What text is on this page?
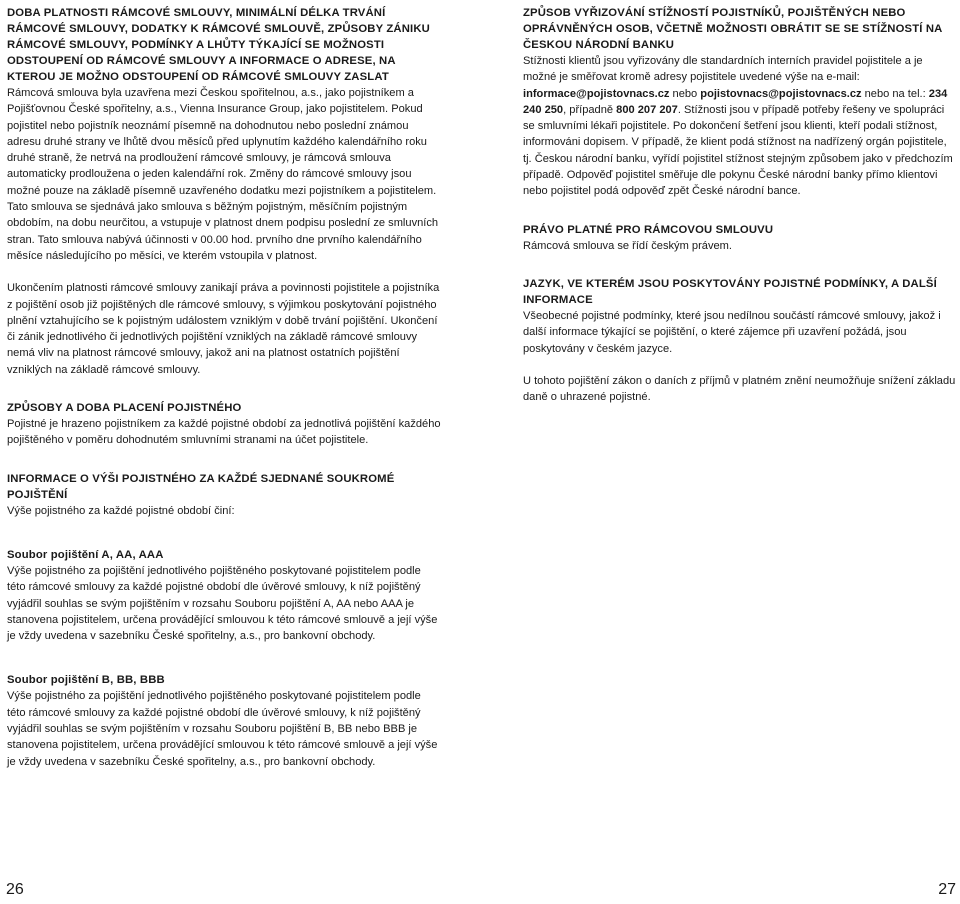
DOBA PLATNOSTI RÁMCOVÉ SMLOUVY, MINIMÁLNÍ DÉLKA TRVÁNÍ RÁMCOVÉ SMLOUVY, DODATKY K RÁMCOVÉ SMLOUVĚ, ZPŮSOBY ZÁNIKU RÁMCOVÉ SMLOUVY, PODMÍNKY A LHŮTY TÝKAJÍCÍ SE MOŽNOSTI ODSTOUPENÍ OD RÁMCOVÉ SMLOUVY A INFORMACE O ADRESE, NA KTEROU JE MOŽNO ODSTOUPENÍ OD RÁMCOVÉ SMLOUVY ZASLAT

Rámcová smlouva byla uzavřena mezi Českou spořitelnou, a.s., jako pojistníkem a Pojišťovnou České spořitelny, a.s., Vienna Insurance Group, jako pojistitelem. Pokud pojistitel nebo pojistník neoznámí písemně na dohodnutou nebo poslední známou adresu druhé strany ve lhůtě dvou měsíců před uplynutím každého kalendářního roku druhé straně, že netrvá na prodloužení rámcové smlouvy, je rámcová smlouva automaticky prodloužena o jeden kalendářní rok. Změny do rámcové smlouvy jsou možné pouze na základě písemně uzavřeného dodatku mezi pojistníkem a pojistitelem. Tato smlouva se sjednává jako smlouva s běžným pojistným, měsíčním pojistným obdobím, na dobu neurčitou, a vstupuje v platnost dnem podpisu poslední ze smluvních stran. Tato smlouva nabývá účinnosti v 00.00 hod. prvního dne prvního kalendářního měsíce následujícího po měsíci, ve kterém vstoupila v platnost.

Ukončením platnosti rámcové smlouvy zanikají práva a povinnosti pojistitele a pojistníka z pojištění osob již pojištěných dle rámcové smlouvy, s výjimkou poskytování pojistného plnění vztahujícího se k pojistným událostem vzniklým v době trvání pojištění. Ukončení či zánik jednotlivého či jednotlivých pojištění vzniklých na základě rámcové smlouvy nemá vliv na platnost rámcové smlouvy, jakož ani na platnost ostatních pojištění vzniklých na základě rámcové smlouvy.

ZPŮSOBY A DOBA PLACENÍ POJISTNÉHO

Pojistné je hrazeno pojistníkem za každé pojistné období za jednotlivá pojištění každého pojištěného v poměru dohodnutém smluvními stranami na účet pojistitele.

INFORMACE O VÝŠI POJISTNÉHO ZA KAŽDÉ SJEDNANÉ SOUKROMÉ POJIŠTĚNÍ

Výše pojistného za každé pojistné období činí:

Soubor pojištění A, AA, AAA

Výše pojistného za pojištění jednotlivého pojištěného poskytované pojistitelem podle této rámcové smlouvy za každé pojistné období dle úvěrové smlouvy, k níž pojištěný vyjádřil souhlas se svým pojištěním v rozsahu Souboru pojištění A, AA nebo AAA je stanovena pojistitelem, určena provádějící smlouvou k této rámcové smlouvě a její výše je vždy uvedena v sazebníku České spořitelny, a.s., pro bankovní obchody.

Soubor pojištění B, BB, BBB

Výše pojistného za pojištění jednotlivého pojištěného poskytované pojistitelem podle této rámcové smlouvy za každé pojistné období dle úvěrové smlouvy, k níž pojištěný vyjádřil souhlas se svým pojištěním v rozsahu Souboru pojištění B, BB nebo BBB je stanovena pojistitelem, určena provádějící smlouvou k této rámcové smlouvě a její výše je vždy uvedena v sazebníku České spořitelny, a.s., pro bankovní obchody.

ZPŮSOB VYŘIZOVÁNÍ STÍŽNOSTÍ POJISTNÍKŮ, POJIŠTĚNÝCH NEBO OPRÁVNĚNÝCH OSOB, VČETNĚ MOŽNOSTI OBRÁTIT SE SE STÍŽNOSTÍ NA ČESKOU NÁRODNÍ BANKU

Stížnosti klientů jsou vyřizovány dle standardních interních pravidel pojistitele a je možné je směřovat kromě adresy pojistitele uvedené výše na e-mail: informace@pojistovnacs.cz nebo pojistovnacs@pojistovnacs.cz nebo na tel.: 234 240 250, případně 800 207 207. Stížnosti jsou v případě potřeby řešeny ve spolupráci se smluvními lékaři pojistitele. Po dokončení šetření jsou klienti, kteří podali stížnost, informováni dopisem. V případě, že klient podá stížnost na nadřízený orgán pojistitele, tj. Českou národní banku, vyřídí pojistitel stížnost stejným způsobem jako v předchozím případě. Odpověď pojistitel směřuje dle pokynu České národní banky přímo klientovi nebo pojistitel podá odpověď zpět České národní bance.

PRÁVO PLATNÉ PRO RÁMCOVOU SMLOUVU

Rámcová smlouva se řídí českým právem.

JAZYK, VE KTERÉM JSOU POSKYTOVÁNY POJISTNÉ PODMÍNKY, A DALŠÍ INFORMACE

Všeobecné pojistné podmínky, které jsou nedílnou součástí rámcové smlouvy, jakož i další informace týkající se pojištění, o které zájemce při uzavření požádá, jsou poskytovány v českém jazyce.

U tohoto pojištění zákon o daních z příjmů v platném znění neumožňuje snížení základu daně o uhrazené pojistné.

26	27
